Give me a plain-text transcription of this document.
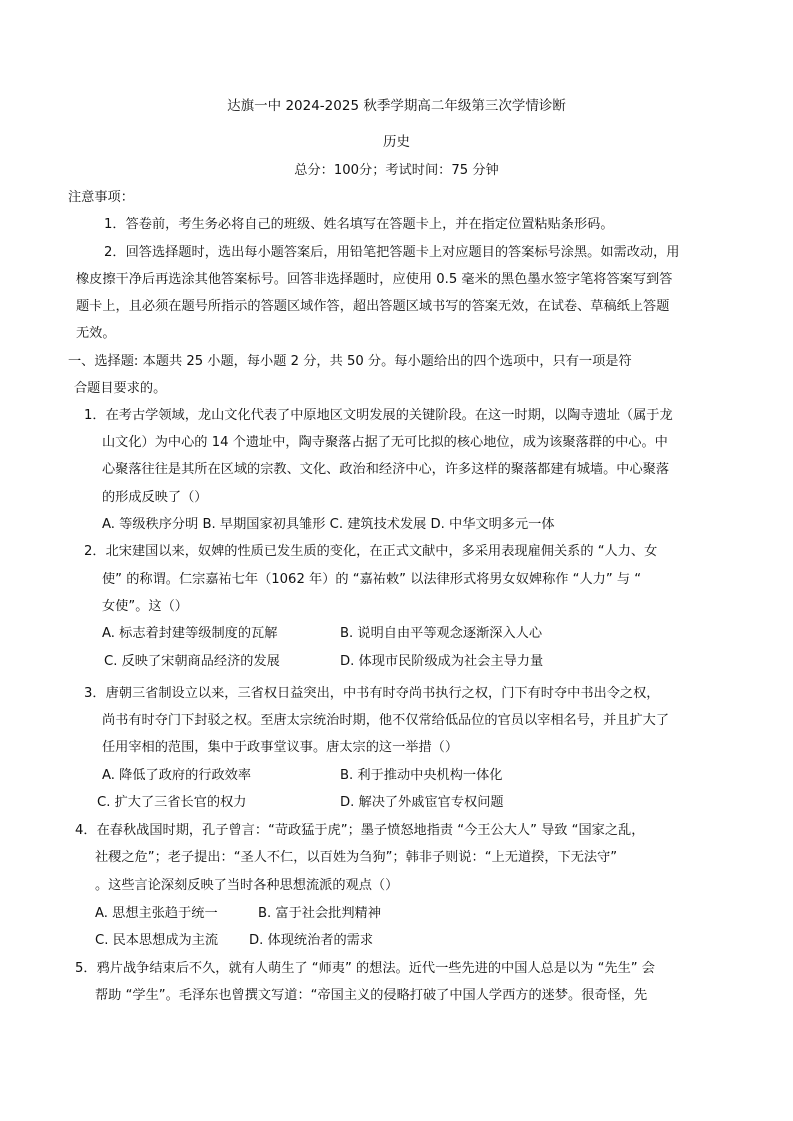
达旗一中 2024-2025 秋季学期高二年级第三次学情诊断
历史
总分：100分；考试时间：75 分钟
注意事项：
1．答卷前，考生务必将自己的班级、姓名填写在答题卡上，并在指定位置粘贴条形码。
2．回答选择题时，选出每小题答案后，用铅笔把答题卡上对应题目的答案标号涂黑。如需改动，用
橡皮擦干净后再选涂其他答案标号。回答非选择题时，应使用 0.5 毫米的黑色墨水签字笔将答案写到答
题卡上，且必须在题号所指示的答题区域作答，超出答题区域书写的答案无效，在试卷、草稿纸上答题
无效。
一、选择题: 本题共 25 小题，每小题 2 分，共 50 分。每小题给出的四个选项中，只有一项是符
合题目要求的。
1．在考古学领域，龙山文化代表了中原地区文明发展的关键阶段。在这一时期，以陶寺遗址（属于龙
山文化）为中心的 14 个遗址中，陶寺聚落占据了无可比拟的核心地位，成为该聚落群的中心。中
心聚落往往是其所在区域的宗教、文化、政治和经济中心，许多这样的聚落都建有城墙。中心聚落
的形成反映了（）
A. 等级秩序分明 B. 早期国家初具雏形 C. 建筑技术发展 D. 中华文明多元一体
2．北宋建国以来，奴婢的性质已发生质的变化，在正式文献中，多采用表现雇佣关系的 “人力、女
使” 的称谓。仁宗嘉祐七年（1062 年）的 “嘉祐敕” 以法律形式将男女奴婢称作 “人力” 与 “
女使”。这（）
A. 标志着封建等级制度的瓦解	B. 说明自由平等观念逐渐深入人心
C. 反映了宋朝商品经济的发展	D. 体现市民阶级成为社会主导力量
3．唐朝三省制设立以来，三省权日益突出，中书有时夺尚书执行之权，门下有时夺中书出令之权，
尚书有时夺门下封驳之权。至唐太宗统治时期，他不仅常给低品位的官员以宰相名号，并且扩大了
任用宰相的范围，集中于政事堂议事。唐太宗的这一举措（）
A. 降低了政府的行政效率	B. 利于推动中央机构一体化
C. 扩大了三省长官的权力	D. 解决了外戚宦官专权问题
4．在春秋战国时期，孔子曾言：“苛政猛于虎”；墨子愤怒地指责 “今王公大人” 导致 “国家之乱，
社稷之危”；老子提出：“圣人不仁，以百姓为刍狗”；韩非子则说：“上无道揆，下无法守”
。这些言论深刻反映了当时各种思想流派的观点（）
A. 思想主张趋于统一	B. 富于社会批判精神
C. 民本思想成为主流 D. 体现统治者的需求
5．鸦片战争结束后不久，就有人萌生了 “师夷” 的想法。近代一些先进的中国人总是以为 “先生” 会
帮助 “学生”。毛泽东也曾撰文写道：“帝国主义的侵略打破了中国人学西方的迷梦。很奇怪，先
